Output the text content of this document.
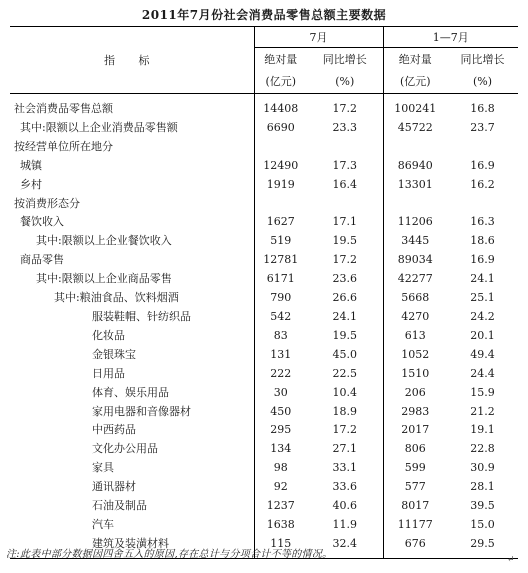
2011年7月份社会消费品零售总额主要数据
指 标	7月		1—7月	
	绝对量	同比增长	绝对量	同比增长
	(亿元)	(%)	(亿元)	(%)
社会消费品零售总额	14408	17.2	100241	16.8
其中:限额以上企业消费品零售额	6690	23.3	45722	23.7
按经营单位所在地分				
城镇	12490	17.3	86940	16.9
乡村	1919	16.4	13301	16.2
按消费形态分				
餐饮收入	1627	17.1	11206	16.3
其中:限额以上企业餐饮收入	519	19.5	3445	18.6
商品零售	12781	17.2	89034	16.9
其中:限额以上企业商品零售	6171	23.6	42277	24.1
其中:粮油食品、饮料烟酒	790	26.6	5668	25.1
服装鞋帽、针纺织品	542	24.1	4270	24.2
化妆品	83	19.5	613	20.1
金银珠宝	131	45.0	1052	49.4
日用品	222	22.5	1510	24.4
体育、娱乐用品	30	10.4	206	15.9
家用电器和音像器材	450	18.9	2983	21.2
中西药品	295	17.2	2017	19.1
文化办公用品	134	27.1	806	22.8
家具	98	33.1	599	30.9
通讯器材	92	33.6	577	28.1
石油及制品	1237	40.6	8017	39.5
汽车	1638	11.9	11177	15.0
建筑及装潢材料	115	32.4	676	29.5
注:此表中部分数据因四舍五入的原因,存在总计与分项合计不等的情况。	↵
